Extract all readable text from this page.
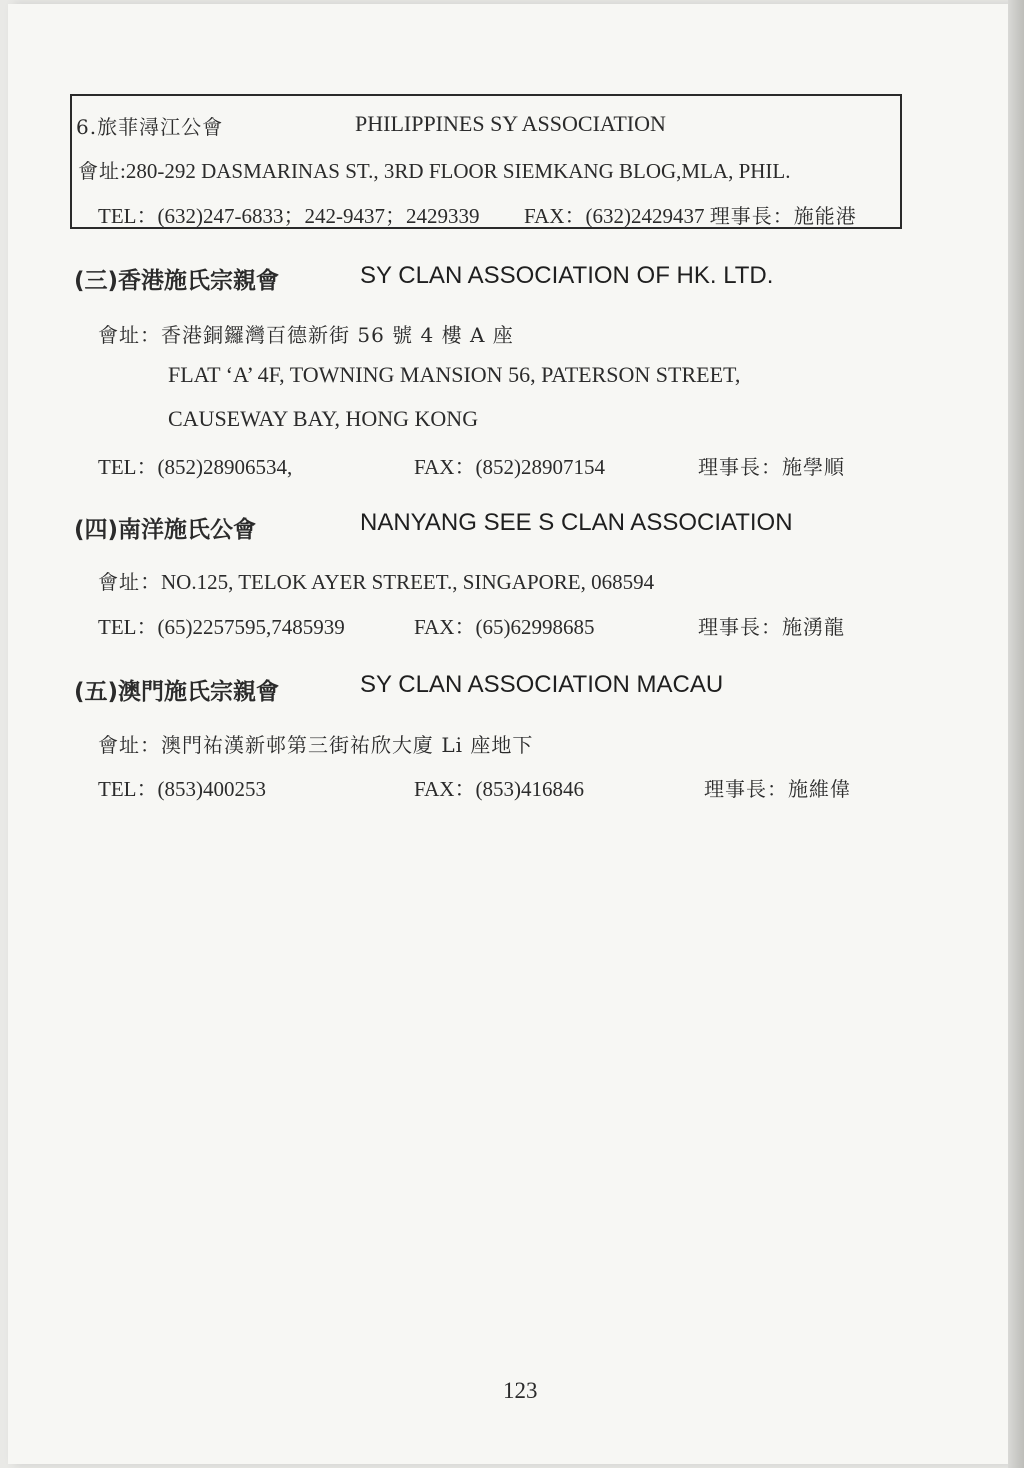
6.旅菲潯江公會	PHILIPPINES SY ASSOCIATION
會址:280-292 DASMARINAS ST., 3RD FLOOR SIEMKANG BLOG,MLA, PHIL.
TEL：(632)247-6833；242-9437；2429339 FAX：(632)2429437 理事長：施能港
(三)香港施氏宗親會	SY CLAN ASSOCIATION OF HK. LTD.
會址：香港銅鑼灣百德新街 56 號 4 樓 A 座
FLAT ‘A’ 4F, TOWNING MANSION 56, PATERSON STREET,
CAUSEWAY BAY, HONG KONG
TEL：(852)28906534,	FAX：(852)28907154	理事長：施學順
(四)南洋施氏公會	NANYANG SEE S CLAN ASSOCIATION
會址：NO.125, TELOK AYER STREET., SINGAPORE, 068594
TEL：(65)2257595,7485939	FAX：(65)62998685	理事長：施湧龍
(五)澳門施氏宗親會	SY CLAN ASSOCIATION MACAU
會址：澳門祐漢新邨第三街祐欣大廈 Li 座地下
TEL：(853)400253	FAX：(853)416846	理事長：施維偉
123
